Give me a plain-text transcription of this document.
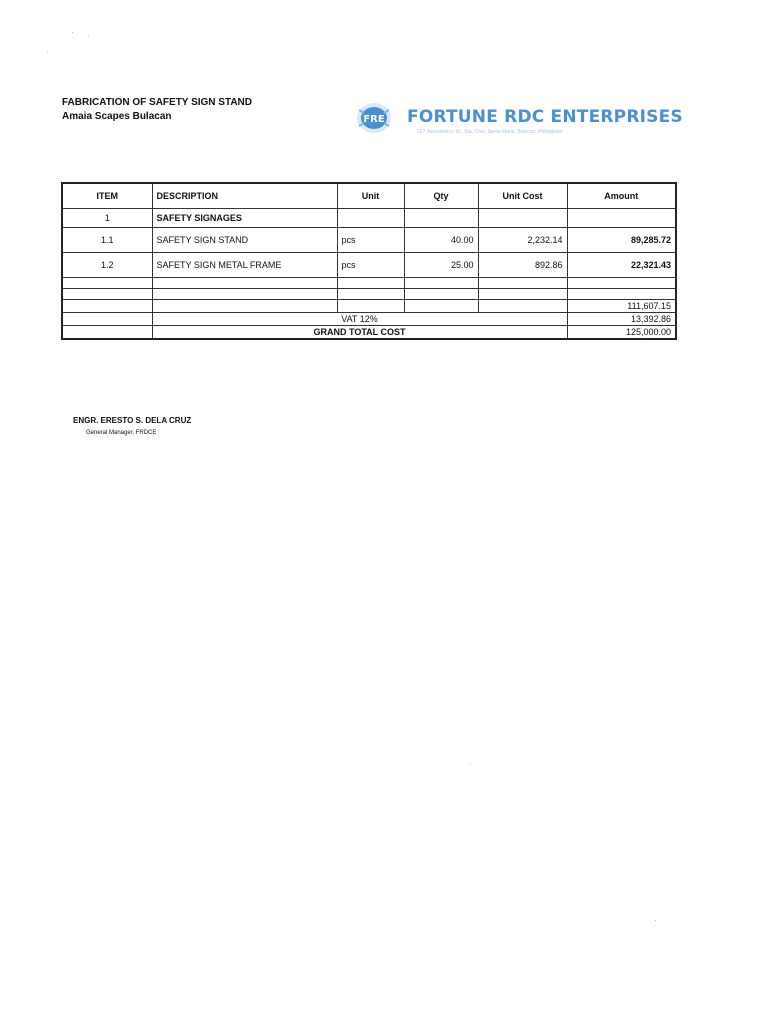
FABRICATION OF SAFETY SIGN STAND
Amaia Scapes Bulacan	FRE FORTUNE RDC ENTERPRISES
527 Jesusmarco St., Sta. Cruz, Santa Maria, Bulacan, Philippines
ITEM	DESCRIPTION	Unit	Qty	Unit Cost	Amount
1	SAFETY SIGNAGES				
1.1	SAFETY SIGN STAND	pcs	40.00	2,232.14	89,285.72
1.2	SAFETY SIGN METAL FRAME	pcs	25.00	892.86	22,321.43

					111,607.15
	VAT 12%				13,392.86
	GRAND TOTAL COST				125,000.00
ENGR. ERESTO S. DELA CRUZ
General Manager, FRDCE
